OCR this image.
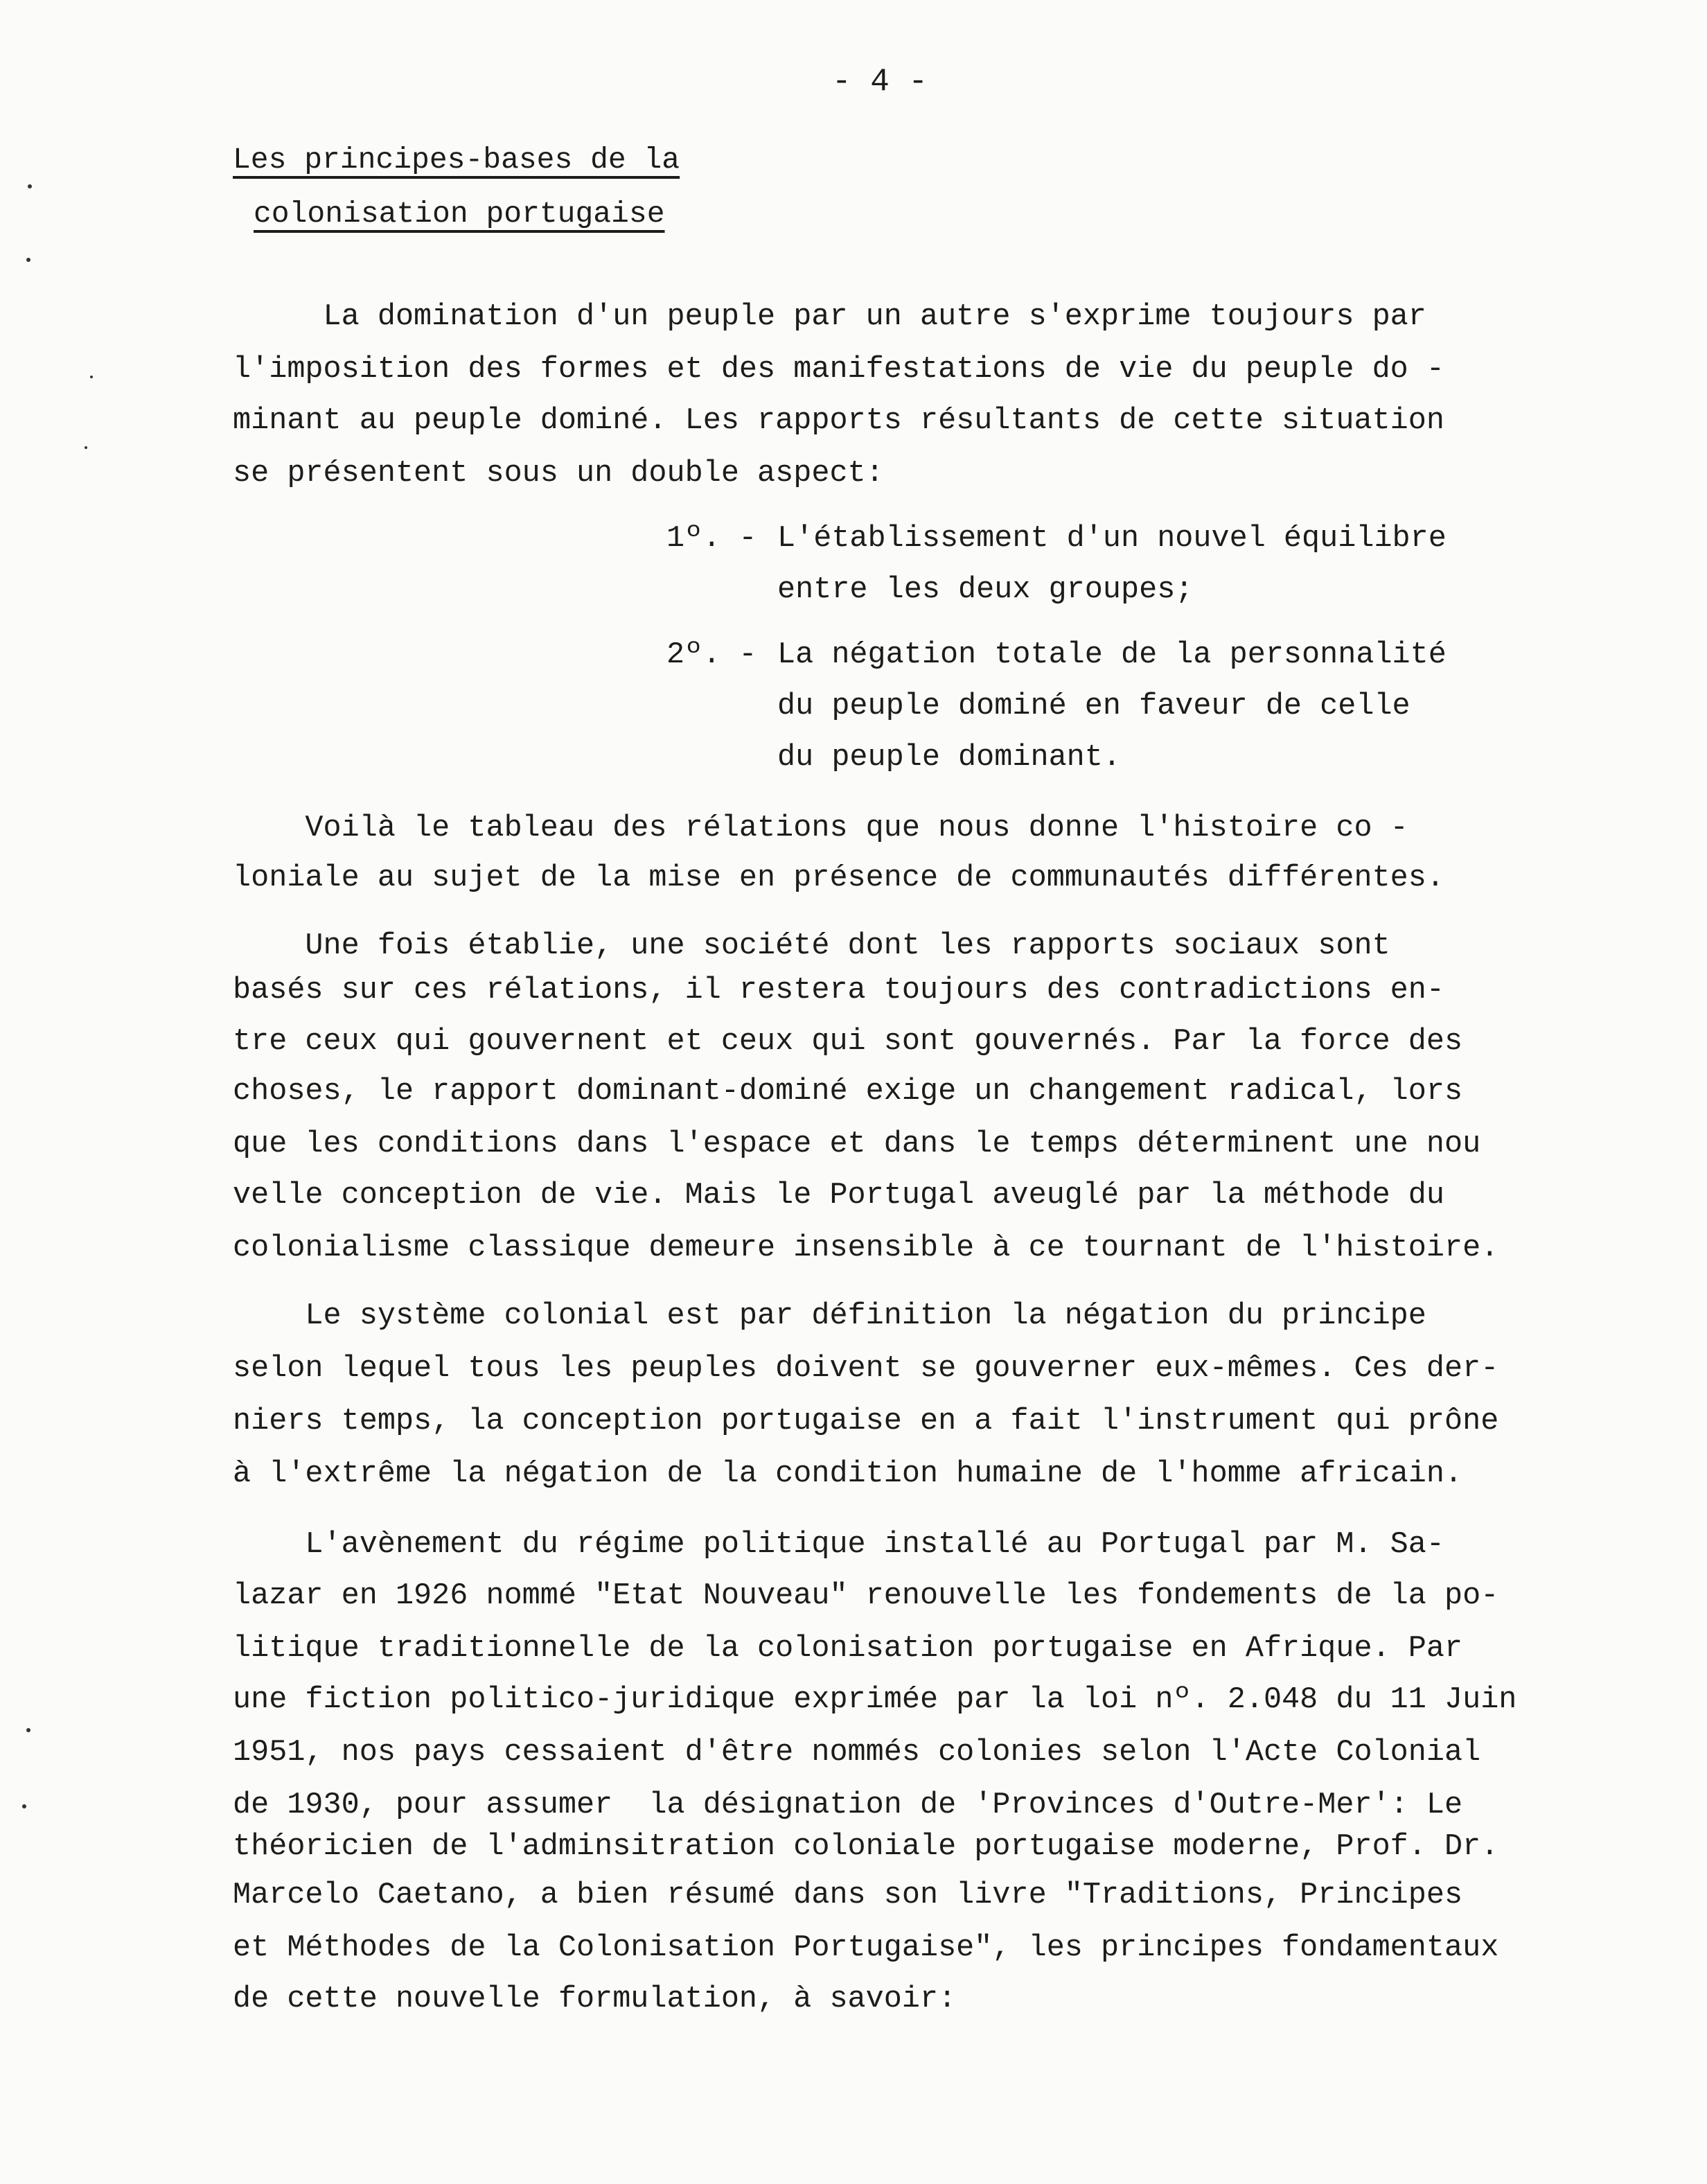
- 4 -
Les principes-bases de la
colonisation portugaise
La domination d'un peuple par un autre s'exprime toujours par
l'imposition des formes et des manifestations de vie du peuple do -
minant au peuple dominé. Les rapports résultants de cette situation
se présentent sous un double aspect:
1º. - L'établissement d'un nouvel équilibre
entre les deux groupes;
2º. - La négation totale de la personnalité
du peuple dominé en faveur de celle
du peuple dominant.
Voilà le tableau des rélations que nous donne l'histoire co -
loniale au sujet de la mise en présence de communautés différentes.
Une fois établie, une société dont les rapports sociaux sont
basés sur ces rélations, il restera toujours des contradictions en-
tre ceux qui gouvernent et ceux qui sont gouvernés. Par la force des
choses, le rapport dominant-dominé exige un changement radical, lors
que les conditions dans l'espace et dans le temps déterminent une nou
velle conception de vie. Mais le Portugal aveuglé par la méthode du
colonialisme classique demeure insensible à ce tournant de l'histoire.
Le système colonial est par définition la négation du principe
selon lequel tous les peuples doivent se gouverner eux-mêmes. Ces der-
niers temps, la conception portugaise en a fait l'instrument qui prône
à l'extrême la négation de la condition humaine de l'homme africain.
L'avènement du régime politique installé au Portugal par M. Sa-
lazar en 1926 nommé "Etat Nouveau" renouvelle les fondements de la po-
litique traditionnelle de la colonisation portugaise en Afrique. Par
une fiction politico-juridique exprimée par la loi nº. 2.048 du 11 Juin
1951, nos pays cessaient d'être nommés colonies selon l'Acte Colonial
de 1930, pour assumer  la désignation de 'Provinces d'Outre-Mer': Le
théoricien de l'adminsitration coloniale portugaise moderne, Prof. Dr.
Marcelo Caetano, a bien résumé dans son livre "Traditions, Principes
et Méthodes de la Colonisation Portugaise", les principes fondamentaux
de cette nouvelle formulation, à savoir:
